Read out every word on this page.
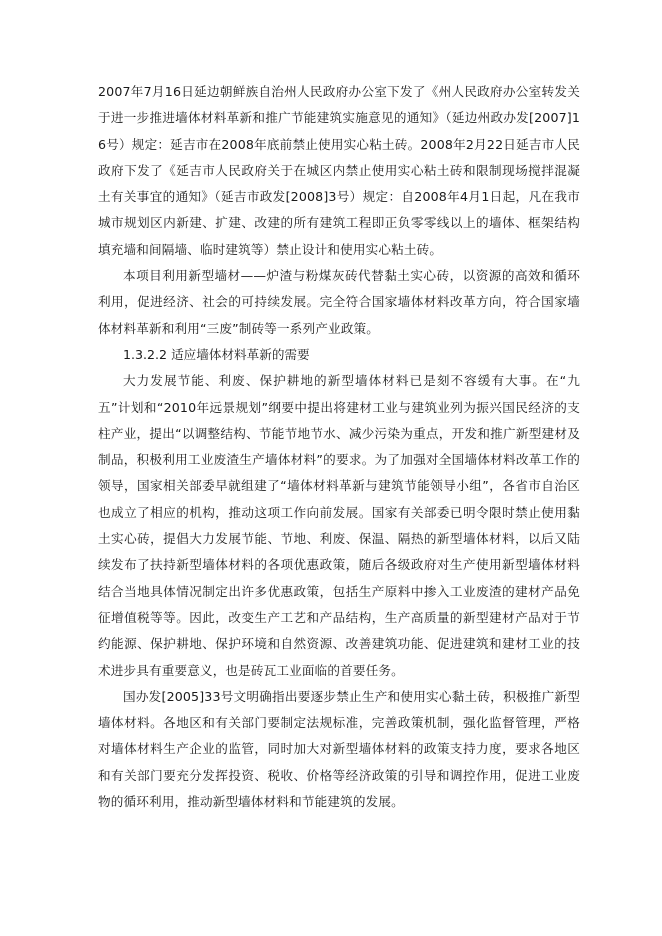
2007年7月16日延边朝鲜族自治州人民政府办公室下发了《州人民政府办公室转发关于进一步推进墙体材料革新和推广节能建筑实施意见的通知》（延边州政办发[2007]16号）规定：延吉市在2008年底前禁止使用实心粘土砖。2008年2月22日延吉市人民政府下发了《延吉市人民政府关于在城区内禁止使用实心粘土砖和限制现场搅拌混凝土有关事宜的通知》（延吉市政发[2008]3号）规定：自2008年4月1日起，凡在我市城市规划区内新建、扩建、改建的所有建筑工程即正负零零线以上的墙体、框架结构填充墙和间隔墙、临时建筑等）禁止设计和使用实心粘土砖。

本项目利用新型墙材——炉渣与粉煤灰砖代替黏土实心砖，以资源的高效和循环利用，促进经济、社会的可持续发展。完全符合国家墙体材料改革方向，符合国家墙体材料革新和利用“三废”制砖等一系列产业政策。

1.3.2.2 适应墙体材料革新的需要

大力发展节能、利废、保护耕地的新型墙体材料已是刻不容缓有大事。在“九五”计划和“2010年远景规划”纲要中提出将建材工业与建筑业列为振兴国民经济的支柱产业，提出“以调整结构、节能节地节水、减少污染为重点，开发和推广新型建材及制品，积极利用工业废渣生产墙体材料”的要求。为了加强对全国墙体材料改革工作的领导，国家相关部委早就组建了“墙体材料革新与建筑节能领导小组”，各省市自治区也成立了相应的机构，推动这项工作向前发展。国家有关部委已明令限时禁止使用黏土实心砖，提倡大力发展节能、节地、利废、保温、隔热的新型墙体材料，以后又陆续发布了扶持新型墙体材料的各项优惠政策，随后各级政府对生产使用新型墙体材料结合当地具体情况制定出许多优惠政策，包括生产原料中掺入工业废渣的建材产品免征增值税等等。因此，改变生产工艺和产品结构，生产高质量的新型建材产品对于节约能源、保护耕地、保护环境和自然资源、改善建筑功能、促进建筑和建材工业的技术进步具有重要意义，也是砖瓦工业面临的首要任务。

国办发[2005]33号文明确指出要逐步禁止生产和使用实心黏土砖，积极推广新型墙体材料。各地区和有关部门要制定法规标准，完善政策机制，强化监督管理，严格对墙体材料生产企业的监管，同时加大对新型墙体材料的政策支持力度，要求各地区和有关部门要充分发挥投资、税收、价格等经济政策的引导和调控作用，促进工业废物的循环利用，推动新型墙体材料和节能建筑的发展。
